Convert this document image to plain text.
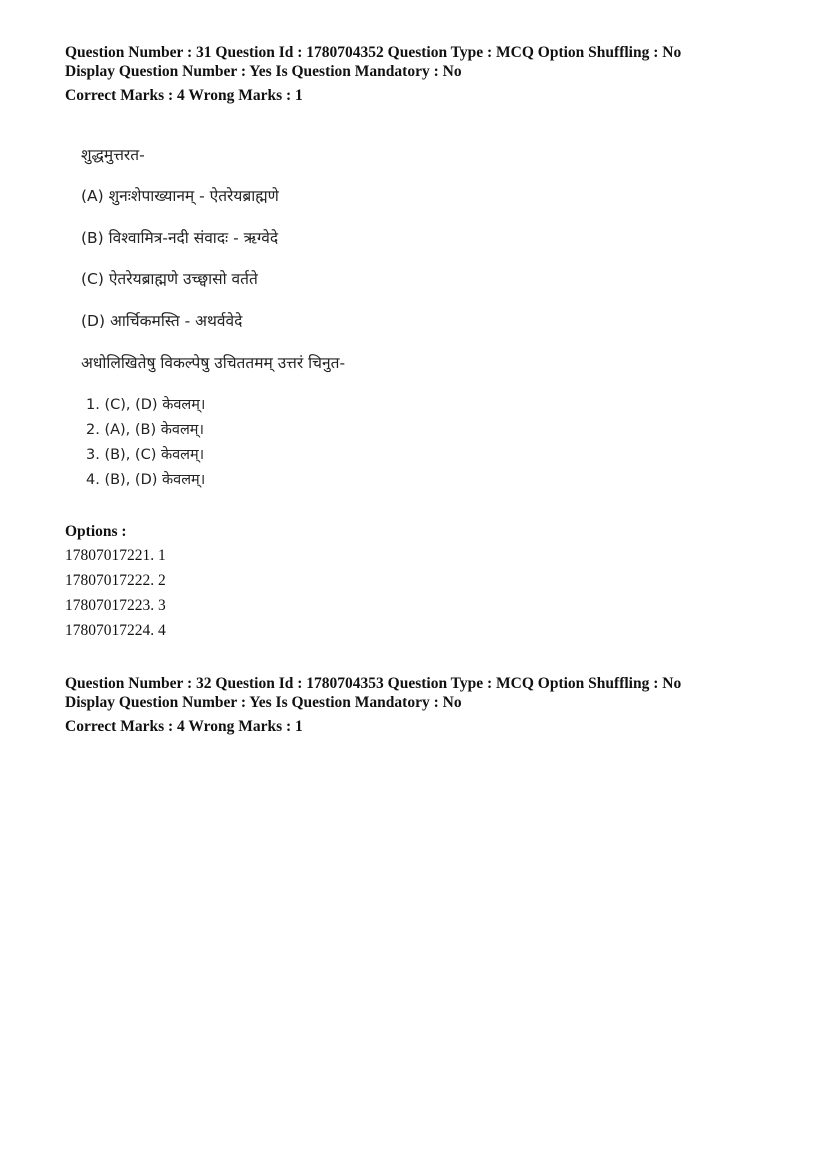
Question Number : 31 Question Id : 1780704352 Question Type : MCQ Option Shuffling : No
Display Question Number : Yes Is Question Mandatory : No
Correct Marks : 4 Wrong Marks : 1
शुद्धमुत्तरत-
(A) शुनःशेपाख्यानम् - ऐतरेयब्राह्मणे
(B) विश्वामित्र-नदी संवादः - ऋग्वेदे
(C) ऐतरेयब्राह्मणे उच्छ्वासो वर्तते
(D) आर्चिकमस्ति - अथर्ववेदे
अधोलिखितेषु विकल्पेषु उचिततमम् उत्तरं चिनुत-
1. (C), (D) केवलम्।
2. (A), (B) केवलम्।
3. (B), (C) केवलम्।
4. (B), (D) केवलम्।
Options :
17807017221. 1
17807017222. 2
17807017223. 3
17807017224. 4
Question Number : 32 Question Id : 1780704353 Question Type : MCQ Option Shuffling : No
Display Question Number : Yes Is Question Mandatory : No
Correct Marks : 4 Wrong Marks : 1
